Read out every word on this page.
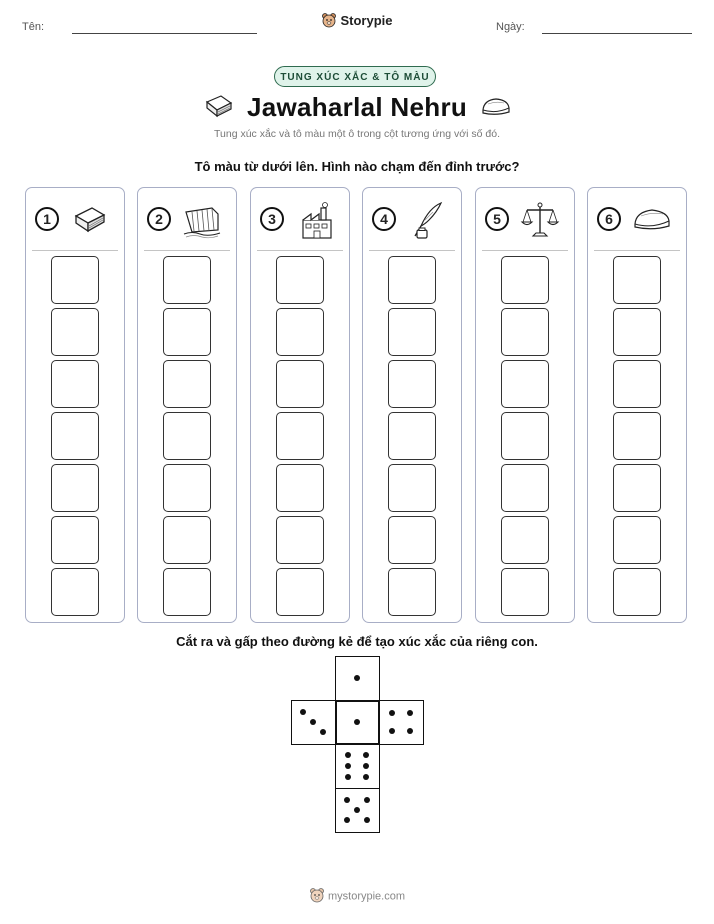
Tên:	Storypie	Ngày:
TUNG XÚC XẮC & TÔ MÀU
Jawaharlal Nehru
Tung xúc xắc và tô màu một ô trong cột tương ứng với số đó.
Tô màu từ dưới lên. Hình nào chạm đến đỉnh trước?
1	2	3	4	5	6
Cắt ra và gấp theo đường kẻ để tạo xúc xắc của riêng con.
mystorypie.com
